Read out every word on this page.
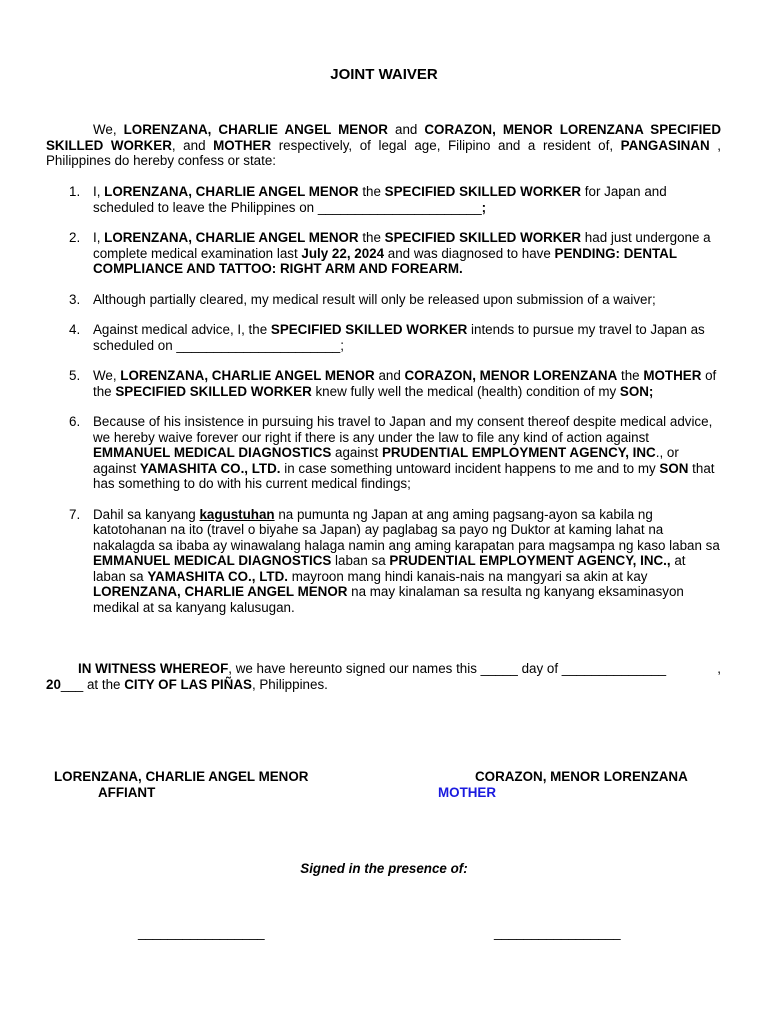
JOINT WAIVER
We, LORENZANA, CHARLIE ANGEL MENOR and CORAZON, MENOR LORENZANA SPECIFIED SKILLED WORKER, and MOTHER respectively, of legal age, Filipino and a resident of, PANGASINAN , Philippines do hereby confess or state:
1. I, LORENZANA, CHARLIE ANGEL MENOR the SPECIFIED SKILLED WORKER for Japan and scheduled to leave the Philippines on ______________________;
2. I, LORENZANA, CHARLIE ANGEL MENOR the SPECIFIED SKILLED WORKER had just undergone a complete medical examination last July 22, 2024 and was diagnosed to have PENDING: DENTAL COMPLIANCE AND TATTOO: RIGHT ARM AND FOREARM.
3. Although partially cleared, my medical result will only be released upon submission of a waiver;
4. Against medical advice, I, the SPECIFIED SKILLED WORKER intends to pursue my travel to Japan as scheduled on ______________________;
5. We, LORENZANA, CHARLIE ANGEL MENOR and CORAZON, MENOR LORENZANA the MOTHER of the SPECIFIED SKILLED WORKER knew fully well the medical (health) condition of my SON;
6. Because of his insistence in pursuing his travel to Japan and my consent thereof despite medical advice, we hereby waive forever our right if there is any under the law to file any kind of action against EMMANUEL MEDICAL DIAGNOSTICS against PRUDENTIAL EMPLOYMENT AGENCY, INC., or against YAMASHITA CO., LTD. in case something untoward incident happens to me and to my SON that has something to do with his current medical findings;
7. Dahil sa kanyang kagustuhan na pumunta ng Japan at ang aming pagsang-ayon sa kabila ng katotohanan na ito (travel o biyahe sa Japan) ay paglabag sa payo ng Duktor at kaming lahat na nakalagda sa ibaba ay winawalang halaga namin ang aming karapatan para magsampa ng kaso laban sa EMMANUEL MEDICAL DIAGNOSTICS laban sa PRUDENTIAL EMPLOYMENT AGENCY, INC., at laban sa YAMASHITA CO., LTD. mayroon mang hindi kanais-nais na mangyari sa akin at kay LORENZANA, CHARLIE ANGEL MENOR na may kinalaman sa resulta ng kanyang eksaminasyon medikal at sa kanyang kalusugan.
IN WITNESS WHEREOF, we have hereunto signed our names this _____ day of ______________	,
20___ at the CITY OF LAS PIÑAS, Philippines.
LORENZANA, CHARLIE ANGEL MENOR
AFFIANT
CORAZON, MENOR LORENZANA
MOTHER
Signed in the presence of:
_________________	_________________
